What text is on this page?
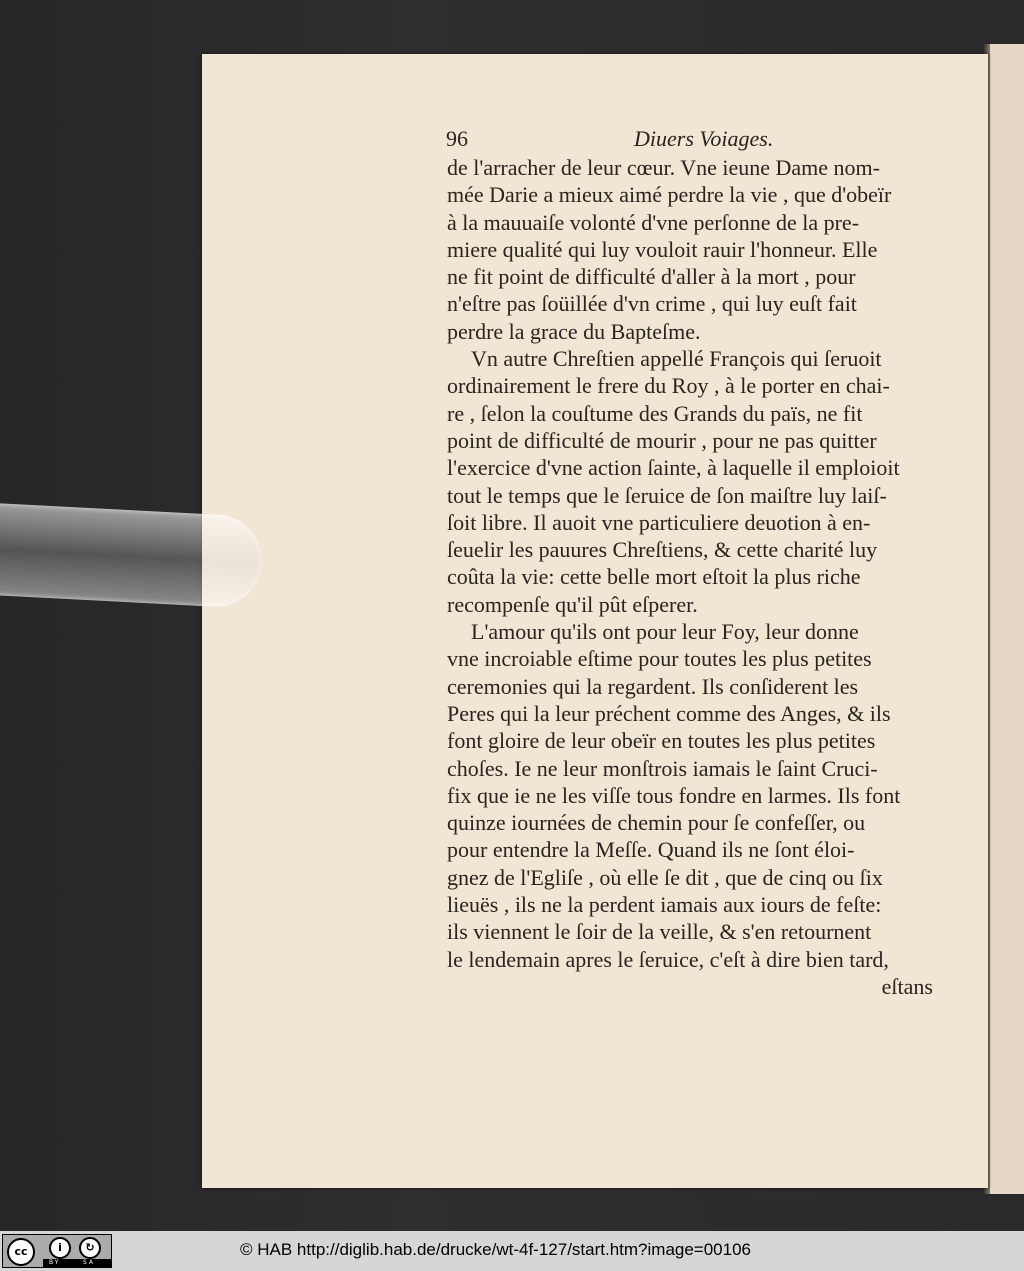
96	Diuers Voiages.
de l'arracher de leur cœur. Vne ieune Dame nom-
mée Darie a mieux aimé perdre la vie , que d'obeïr
à la mauuaiſe volonté d'vne perſonne de la pre-
miere qualité qui luy vouloit rauir l'honneur. Elle
ne fit point de difficulté d'aller à la mort , pour
n'eſtre pas ſoüillée d'vn crime , qui luy euſt fait
perdre la grace du Bapteſme.
Vn autre Chreſtien appellé François qui ſeruoit
ordinairement le frere du Roy , à le porter en chai-
re , ſelon la couſtume des Grands du païs, ne fit
point de difficulté de mourir , pour ne pas quitter
l'exercice d'vne action ſainte, à laquelle il emploioit
tout le temps que le ſeruice de ſon maiſtre luy laiſ-
ſoit libre. Il auoit vne particuliere deuotion à en-
ſeuelir les pauures Chreſtiens, & cette charité luy
coûta la vie: cette belle mort eſtoit la plus riche
recompenſe qu'il pût eſperer.
L'amour qu'ils ont pour leur Foy, leur donne
vne incroiable eſtime pour toutes les plus petites
ceremonies qui la regardent. Ils conſiderent les
Peres qui la leur préchent comme des Anges, & ils
font gloire de leur obeïr en toutes les plus petites
choſes. Ie ne leur monſtrois iamais le ſaint Cruci-
fix que ie ne les viſſe tous fondre en larmes. Ils font
quinze iournées de chemin pour ſe confeſſer, ou
pour entendre la Meſſe. Quand ils ne ſont éloi-
gnez de l'Egliſe , où elle ſe dit , que de cinq ou ſix
lieuës , ils ne la perdent iamais aux iours de feſte:
ils viennent le ſoir de la veille, & s'en retournent
le lendemain apres le ſeruice, c'eſt à dire bien tard,
eſtans
cc	i	↻
BY	SA
© HAB http://diglib.hab.de/drucke/wt-4f-127/start.htm?image=00106
